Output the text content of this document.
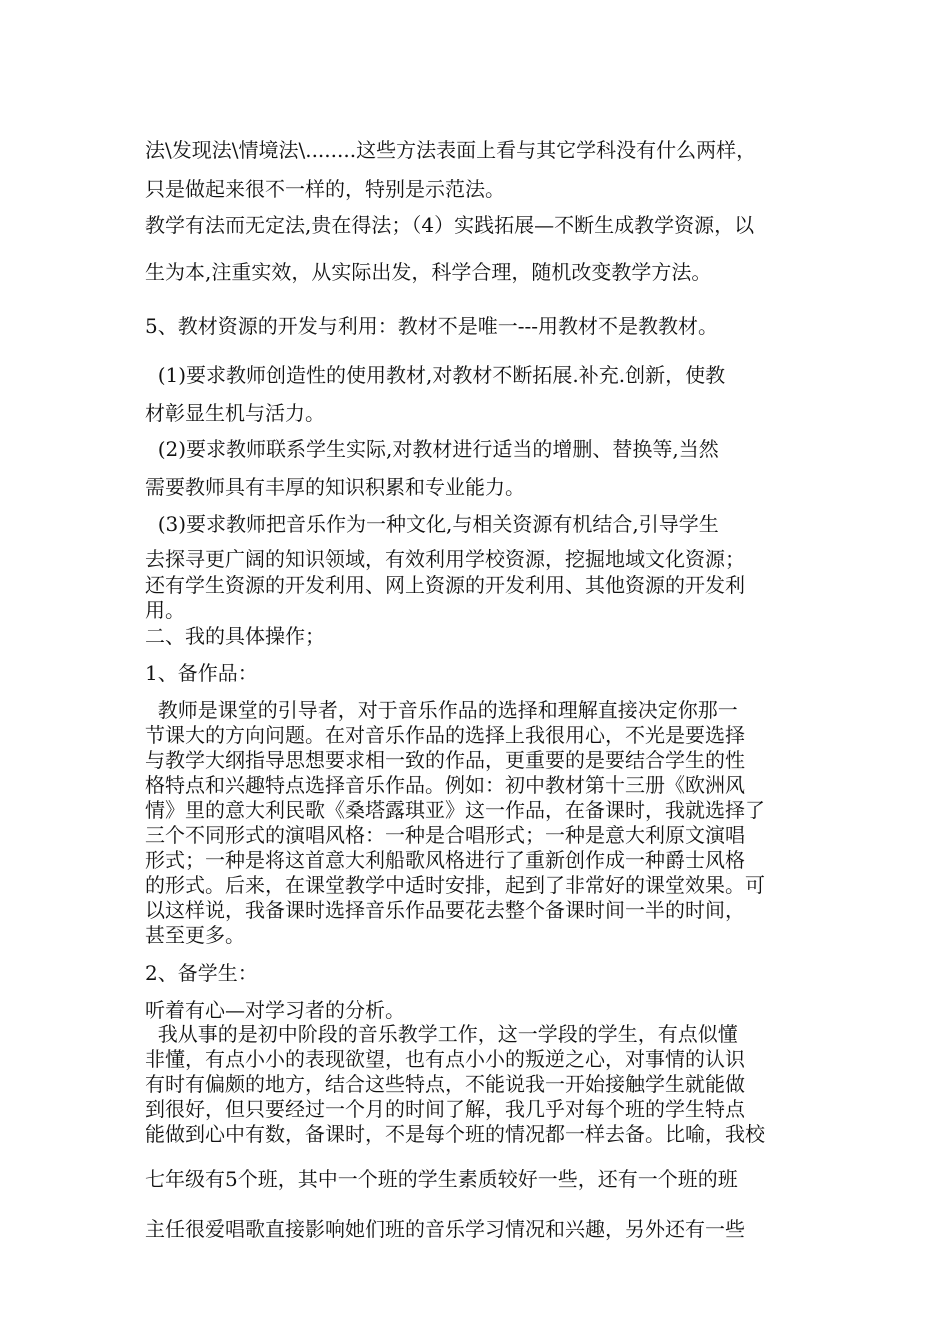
法\发现法\情境法\........这些方法表面上看与其它学科没有什么两样，
只是做起来很不一样的，特别是示范法。
教学有法而无定法,贵在得法；（4）实践拓展—不断生成教学资源，以
生为本,注重实效，从实际出发，科学合理，随机改变教学方法。
5、教材资源的开发与利用：教材不是唯一---用教材不是教教材。
(1)要求教师创造性的使用教材,对教材不断拓展.补充.创新，使教
材彰显生机与活力。
(2)要求教师联系学生实际,对教材进行适当的增删、替换等,当然
需要教师具有丰厚的知识积累和专业能力。
(3)要求教师把音乐作为一种文化,与相关资源有机结合,引导学生
去探寻更广阔的知识领域，有效利用学校资源，挖掘地域文化资源；
还有学生资源的开发利用、网上资源的开发利用、其他资源的开发利
用。
二、我的具体操作；
1、备作品：
教师是课堂的引导者，对于音乐作品的选择和理解直接决定你那一
节课大的方向问题。在对音乐作品的选择上我很用心，不光是要选择
与教学大纲指导思想要求相一致的作品，更重要的是要结合学生的性
格特点和兴趣特点选择音乐作品。例如：初中教材第十三册《欧洲风
情》里的意大利民歌《桑塔露琪亚》这一作品，在备课时，我就选择了
三个不同形式的演唱风格：一种是合唱形式；一种是意大利原文演唱
形式；一种是将这首意大利船歌风格进行了重新创作成一种爵士风格
的形式。后来，在课堂教学中适时安排，起到了非常好的课堂效果。可
以这样说，我备课时选择音乐作品要花去整个备课时间一半的时间，
甚至更多。
2、备学生：
听着有心—对学习者的分析。
我从事的是初中阶段的音乐教学工作，这一学段的学生，有点似懂
非懂，有点小小的表现欲望，也有点小小的叛逆之心，对事情的认识
有时有偏颇的地方，结合这些特点，不能说我一开始接触学生就能做
到很好，但只要经过一个月的时间了解，我几乎对每个班的学生特点
能做到心中有数，备课时，不是每个班的情况都一样去备。比喻，我校
七年级有5个班，其中一个班的学生素质较好一些，还有一个班的班
主任很爱唱歌直接影响她们班的音乐学习情况和兴趣，另外还有一些
